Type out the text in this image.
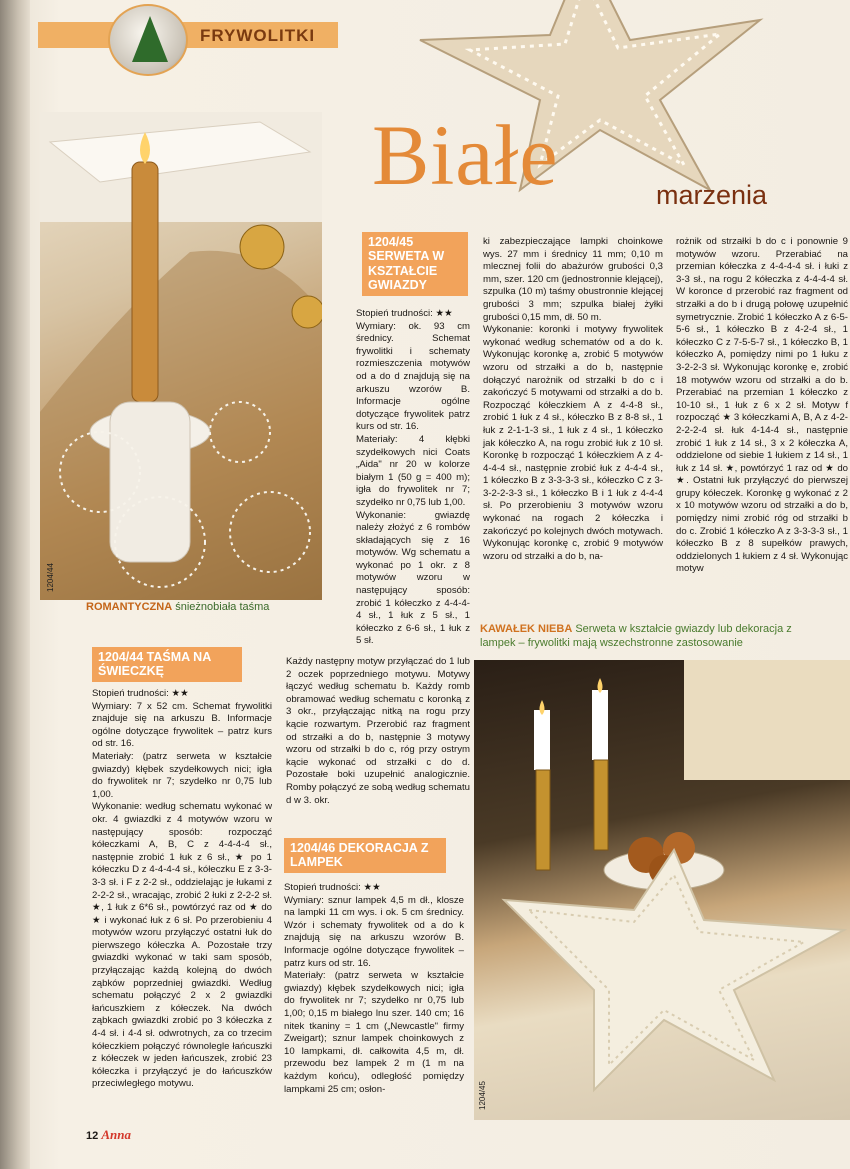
FRYWOLITKI
Białe	marzenia
1204/44
ROMANTYCZNA śnieżnobiała taśma
KAWAŁEK NIEBA Serweta w kształcie gwiazdy lub dekoracja z lampek – frywolitki mają wszechstronne zastosowanie
1204/45
1204/45 SERWETA W KSZTAŁCIE GWIAZDY
Stopień trudności: ★★
Wymiary: ok. 93 cm średnicy. Schemat frywolitki i schematy rozmieszczenia motywów od a do d znajdują się na arkuszu wzorów B. Informacje ogólne dotyczące frywolitek patrz kurs od str. 16.
Materiały: 4 kłębki szydełkowych nici Coats „Aida" nr 20 w kolorze białym 1 (50 g = 400 m); igła do frywolitek nr 7; szydełko nr 0,75 lub 1,00.
Wykonanie: gwiazdę należy złożyć z 6 rombów składających się z 16 motywów. Wg schematu a wykonać po 1 okr. z 8 motywów wzoru w następujący sposób: zrobić 1 kółeczko z 4-4-4-4 sł., 1 łuk z 5 sł., 1 kółeczko z 6-6 sł., 1 łuk z 5 sł.
Każdy następny motyw przyłączać do 1 lub 2 oczek poprzedniego motywu. Motywy łączyć według schematu b. Każdy romb obramować według schematu c koronką z 3 okr., przyłączając nitką na rogu przy kącie rozwartym. Przerobić raz fragment od strzałki a do b, następnie 3 motywy wzoru od strzałki b do c, róg przy ostrym kącie wykonać od strzałki c do d. Pozostałe boki uzupełnić analogicznie. Romby połączyć ze sobą według schematu d w 3. okr.
ki zabezpieczające lampki choinkowe wys. 27 mm i średnicy 11 mm; 0,10 m mlecznej folii do abażurów grubości 0,3 mm, szer. 120 cm (jednostronnie klejącej), szpulka (10 m) taśmy obustronnie klejącej grubości 3 mm; szpulka białej żyłki grubości 0,15 mm, dł. 50 m.
Wykonanie: koronki i motywy frywolitek wykonać według schematów od a do k. Wykonując koronkę a, zrobić 5 motywów wzoru od strzałki a do b, następnie dołączyć narożnik od strzałki b do c i zakończyć 5 motywami od strzałki a do b. Rozpocząć kółeczkiem A z 4-4-8 sł., zrobić 1 łuk z 4 sł., kółeczko B z 8-8 sł., 1 łuk z 2-1-1-3 sł., 1 łuk z 4 sł., 1 kółeczko jak kółeczko A, na rogu zrobić łuk z 10 sł. Koronkę b rozpocząć 1 kółeczkiem A z 4-4-4-4 sł., następnie zrobić łuk z 4-4-4 sł., 1 kółeczko B z 3-3-3-3 sł., kółeczko C z 3-3-2-2-3-3 sł., 1 kółeczko B i 1 łuk z 4-4-4 sł. Po przerobieniu 3 motywów wzoru wykonać na rogach 2 kółeczka i zakończyć po kolejnych dwóch motywach. Wykonując koronkę c, zrobić 9 motywów wzoru od strzałki a do b, na-
rożnik od strzałki b do c i ponownie 9 motywów wzoru. Przerabiać na przemian kółeczka z 4-4-4-4 sł. i łuki z 3-3 sł., na rogu 2 kółeczka z 4-4-4-4 sł. W koronce d przerobić raz fragment od strzałki a do b i drugą połowę uzupełnić symetrycznie. Zrobić 1 kółeczko A z 6-5-5-6 sł., 1 kółeczko B z 4-2-4 sł., 1 kółeczko C z 7-5-5-7 sł., 1 kółeczko B, 1 kółeczko A, pomiędzy nimi po 1 łuku z 3-2-2-3 sł. Wykonując koronkę e, zrobić 18 motywów wzoru od strzałki a do b. Przerabiać na przemian 1 kółeczko z 10-10 sł., 1 łuk z 6 x 2 sł. Motyw f rozpocząć ★ 3 kółeczkami A, B, A z 4-2-2-2-2-4 sł. łuk 4-14-4 sł., następnie zrobić 1 łuk z 14 sł., 3 x 2 kółeczka A, oddzielone od siebie 1 łukiem z 14 sł., 1 łuk z 14 sł. ★, powtórzyć 1 raz od ★ do ★. Ostatni łuk przyłączyć do pierwszej grupy kółeczek. Koronkę g wykonać z 2 x 10 motywów wzoru od strzałki a do b, pomiędzy nimi zrobić róg od strzałki b do c. Zrobić 1 kółeczko A z 3-3-3-3 sł., 1 kółeczko B z 8 supełków prawych, oddzielonych 1 łukiem z 4 sł. Wykonując motyw
1204/44 TAŚMA NA ŚWIECZKĘ
Stopień trudności: ★★
Wymiary: 7 x 52 cm. Schemat frywolitki znajduje się na arkuszu B. Informacje ogólne dotyczące frywolitek – patrz kurs od str. 16.
Materiały: (patrz serweta w kształcie gwiazdy) kłębek szydełkowych nici; igła do frywolitek nr 7; szydełko nr 0,75 lub 1,00.
Wykonanie: według schematu wykonać w okr. 4 gwiazdki z 4 motywów wzoru w następujący sposób: rozpocząć kółeczkami A, B, C z 4-4-4-4 sł., następnie zrobić 1 łuk z 6 sł., ★ po 1 kółeczku D z 4-4-4-4 sł., kółeczku E z 3-3-3-3 sł. i F z 2-2 sł., oddzielając je łukami z 2-2-2 sł., wracając, zrobić 2 łuki z 2-2-2 sł. ★, 1 łuk z 6*6 sł., powtórzyć raz od ★ do ★ i wykonać łuk z 6 sł. Po przerobieniu 4 motywów wzoru przyłączyć ostatni łuk do pierwszego kółeczka A. Pozostałe trzy gwiazdki wykonać w taki sam sposób, przyłączając każdą kolejną do dwóch ząbków poprzedniej gwiazdki. Według schematu połączyć 2 x 2 gwiazdki łańcuszkiem z kółeczek. Na dwóch ząbkach gwiazdki zrobić po 3 kółeczka z 4-4 sł. i 4-4 sł. odwrotnych, za co trzecim kółeczkiem połączyć równolegle łańcuszki z kółeczek w jeden łańcuszek, zrobić 23 kółeczka i przyłączyć je do łańcuszków przeciwległego motywu.
1204/46 DEKORACJA Z LAMPEK
Stopień trudności: ★★
Wymiary: sznur lampek 4,5 m dł., klosze na lampki 11 cm wys. i ok. 5 cm średnicy. Wzór i schematy frywolitek od a do k znajdują się na arkuszu wzorów B. Informacje ogólne dotyczące frywolitek – patrz kurs od str. 16.
Materiały: (patrz serweta w kształcie gwiazdy) kłębek szydełkowych nici; igła do frywolitek nr 7; szydełko nr 0,75 lub 1,00; 0,15 m białego lnu szer. 140 cm; 16 nitek tkaniny = 1 cm („Newcastle" firmy Zweigart); sznur lampek choinkowych z 10 lampkami, dł. całkowita 4,5 m, dł. przewodu bez lampek 2 m (1 m na każdym końcu), odległość pomiędzy lampkami 25 cm; osłon-
12 Anna
